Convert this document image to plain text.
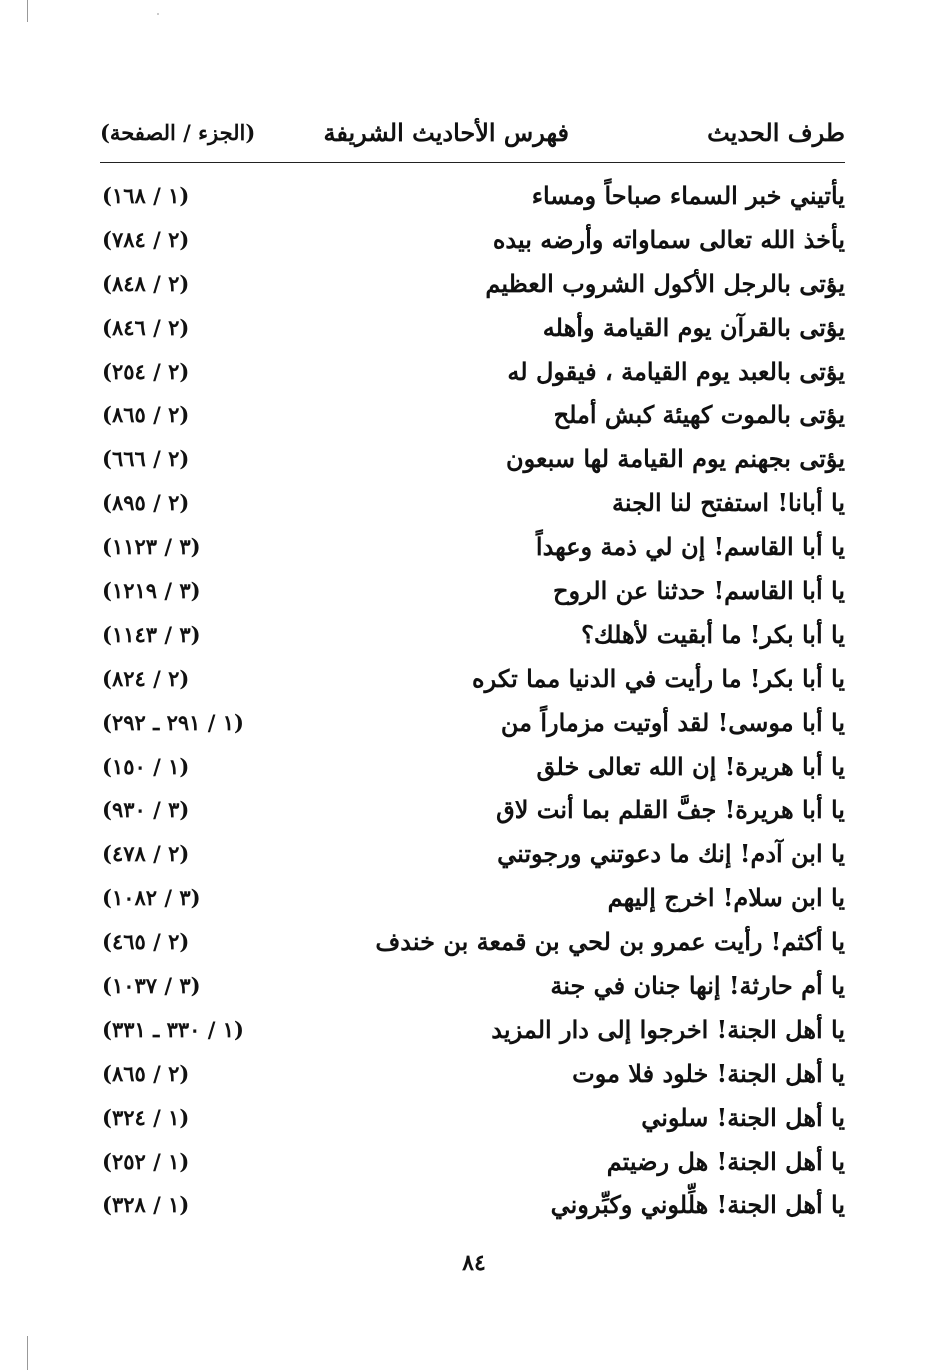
طرف الحديث
فهرس الأحاديث الشريفة
(الجزء / الصفحة)
يأتيني خبر السماء صباحاً ومساء
(١ / ١٦٨)
يأخذ الله تعالى سماواته وأرضه بيده
(٢ / ٧٨٤)
يؤتى بالرجل الأكول الشروب العظيم
(٢ / ٨٤٨)
يؤتى بالقرآن يوم القيامة وأهله
(٢ / ٨٤٦)
يؤتى بالعبد يوم القيامة ، فيقول له
(٢ / ٢٥٤)
يؤتى بالموت كهيئة كبش أملح
(٢ / ٨٦٥)
يؤتى بجهنم يوم القيامة لها سبعون
(٢ / ٦٦٦)
يا أبانا! استفتح لنا الجنة
(٢ / ٨٩٥)
يا أبا القاسم! إن لي ذمة وعهداً
(٣ / ١١٢٣)
يا أبا القاسم! حدثنا عن الروح
(٣ / ١٢١٩)
يا أبا بكر! ما أبقيت لأهلك؟
(٣ / ١١٤٣)
يا أبا بكر! ما رأيت في الدنيا مما تكره
(٢ / ٨٢٤)
يا أبا موسى! لقد أوتيت مزماراً من
(١ / ٢٩١ ـ ٢٩٢)
يا أبا هريرة! إن الله تعالى خلق
(١ / ١٥٠)
يا أبا هريرة! جفَّ القلم بما أنت لاق
(٣ / ٩٣٠)
يا ابن آدم! إنك ما دعوتني ورجوتني
(٢ / ٤٧٨)
يا ابن سلام! اخرج إليهم
(٣ / ١٠٨٢)
يا أكثم! رأيت عمرو بن لحي بن قمعة بن خندف
(٢ / ٤٦٥)
يا أم حارثة! إنها جنان في جنة
(٣ / ١٠٣٧)
يا أهل الجنة! اخرجوا إلى دار المزيد
(١ / ٣٣٠ ـ ٣٣١)
يا أهل الجنة! خلود فلا موت
(٢ / ٨٦٥)
يا أهل الجنة! سلوني
(١ / ٣٢٤)
يا أهل الجنة! هل رضيتم
(١ / ٢٥٢)
يا أهل الجنة! هلِّلوني وكبِّروني
(١ / ٣٢٨)
٨٤
